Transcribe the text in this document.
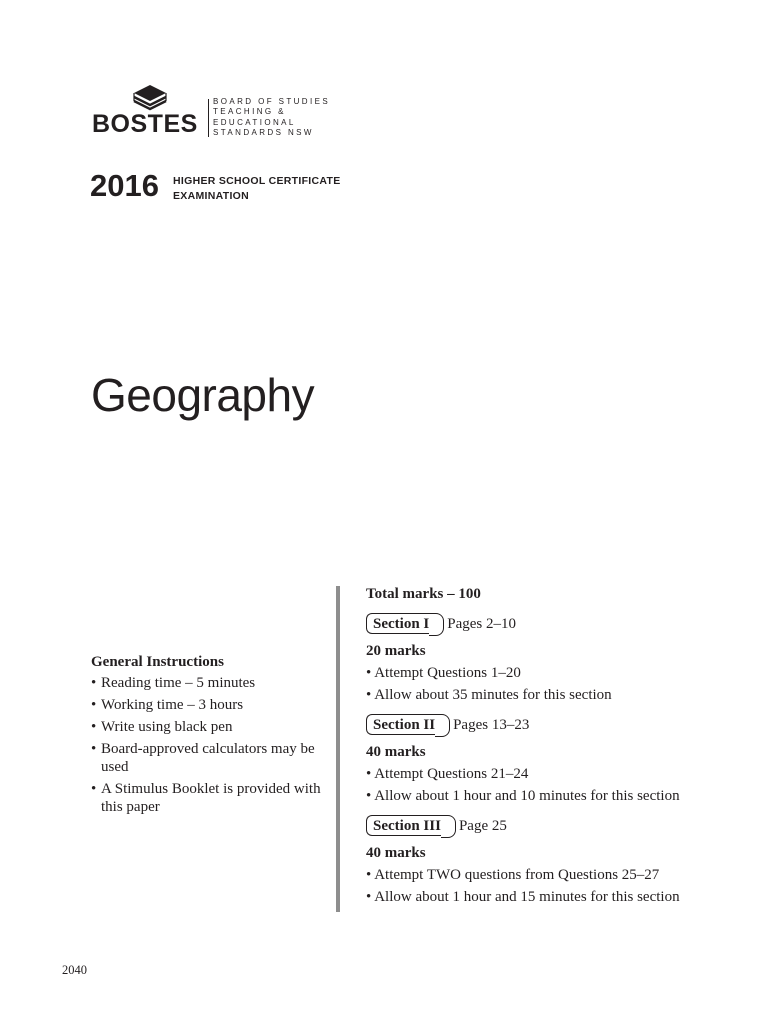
BOSTES
BOARD OF STUDIES
TEACHING &
EDUCATIONAL
STANDARDS NSW
2016 HIGHER SCHOOL CERTIFICATE
EXAMINATION
Geography
General Instructions
• Reading time – 5 minutes
• Working time – 3 hours
• Write using black pen
• Board-approved calculators may be used
• A Stimulus Booklet is provided with this paper
Total marks – 100
Section I	Pages 2–10
20 marks
• Attempt Questions 1–20
• Allow about 35 minutes for this section
Section II	Pages 13–23
40 marks
• Attempt Questions 21–24
• Allow about 1 hour and 10 minutes for this section
Section III	Page 25
40 marks
• Attempt TWO questions from Questions 25–27
• Allow about 1 hour and 15 minutes for this section
2040
